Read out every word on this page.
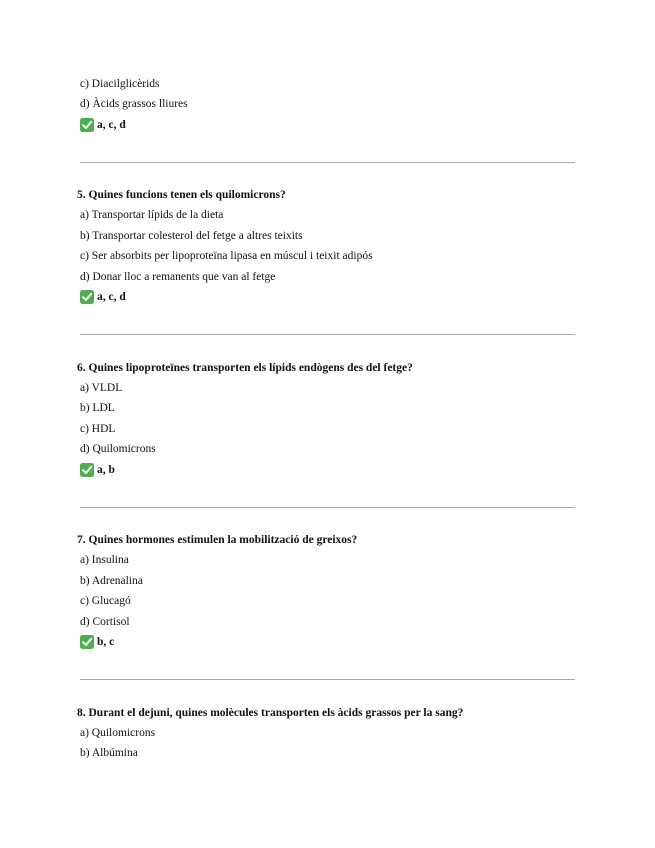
c) Diacilglicèrids
d) Àcids grassos lliures
a, c, d
5. Quines funcions tenen els quilomicrons?
a) Transportar lípids de la dieta
b) Transportar colesterol del fetge a altres teixits
c) Ser absorbits per lipoproteïna lipasa en múscul i teixit adipós
d) Donar lloc a remanents que van al fetge
a, c, d
6. Quines lipoproteïnes transporten els lípids endògens des del fetge?
a) VLDL
b) LDL
c) HDL
d) Quilomicrons
a, b
7. Quines hormones estimulen la mobilització de greixos?
a) Insulina
b) Adrenalina
c) Glucagó
d) Cortisol
b, c
8. Durant el dejuni, quines molècules transporten els àcids grassos per la sang?
a) Quilomicrons
b) Albúmina
